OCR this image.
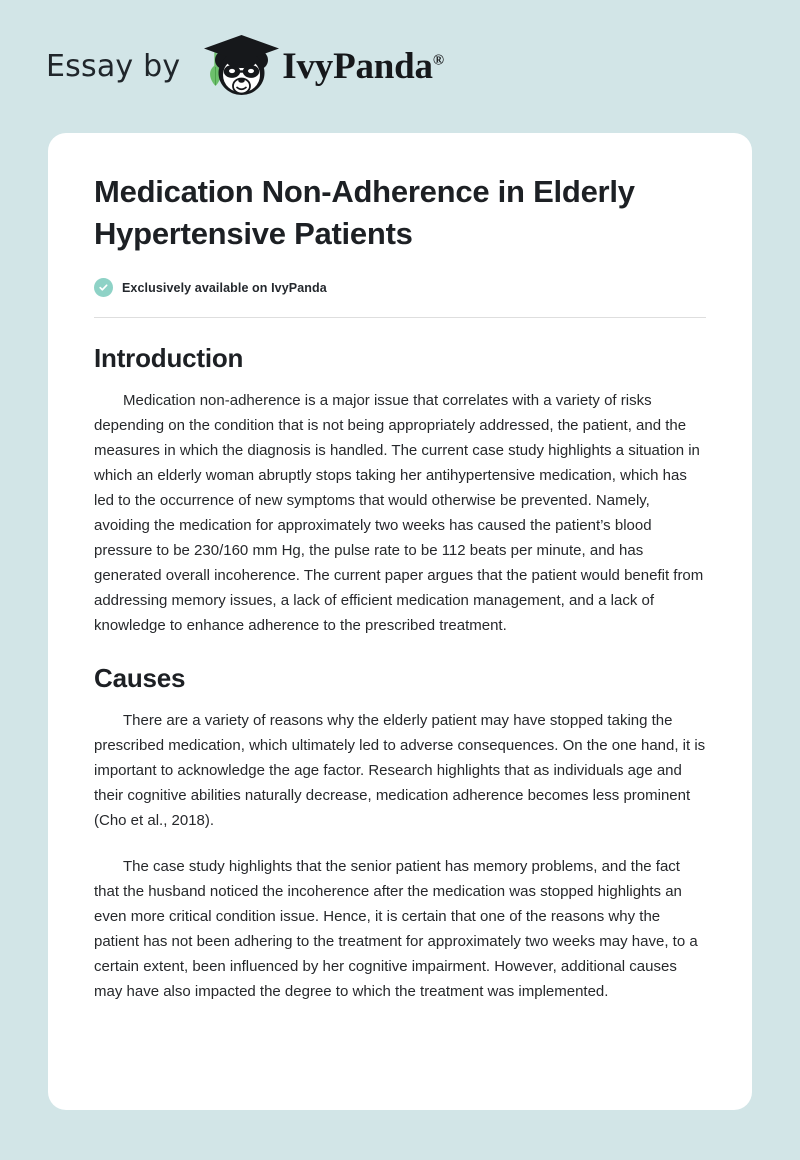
Essay by	IvyPanda®
Medication Non-Adherence in Elderly Hypertensive Patients
Exclusively available on IvyPanda
Introduction

Medication non-adherence is a major issue that correlates with a variety of risks depending on the condition that is not being appropriately addressed, the patient, and the measures in which the diagnosis is handled. The current case study highlights a situation in which an elderly woman abruptly stops taking her antihypertensive medication, which has led to the occurrence of new symptoms that would otherwise be prevented. Namely, avoiding the medication for approximately two weeks has caused the patient’s blood pressure to be 230/160 mm Hg, the pulse rate to be 112 beats per minute, and has generated overall incoherence. The current paper argues that the patient would benefit from addressing memory issues, a lack of efficient medication management, and a lack of knowledge to enhance adherence to the prescribed treatment.

Causes

There are a variety of reasons why the elderly patient may have stopped taking the prescribed medication, which ultimately led to adverse consequences. On the one hand, it is important to acknowledge the age factor. Research highlights that as individuals age and their cognitive abilities naturally decrease, medication adherence becomes less prominent (Cho et al., 2018).

The case study highlights that the senior patient has memory problems, and the fact that the husband noticed the incoherence after the medication was stopped highlights an even more critical condition issue. Hence, it is certain that one of the reasons why the patient has not been adhering to the treatment for approximately two weeks may have, to a certain extent, been influenced by her cognitive impairment. However, additional causes may have also impacted the degree to which the treatment was implemented.
